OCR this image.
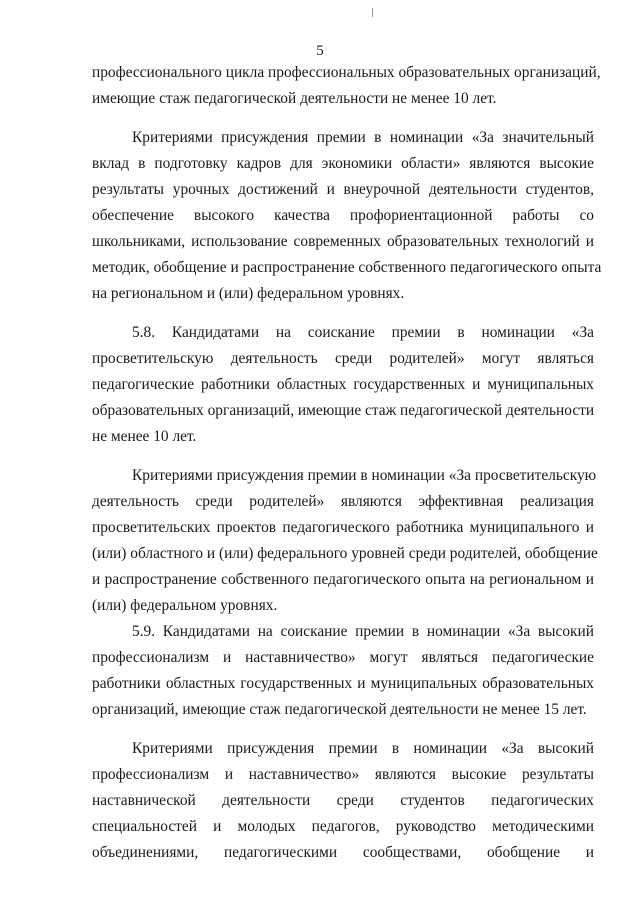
5
профессионального цикла профессиональных образовательных организаций,
имеющие стаж педагогической деятельности не менее 10 лет.
Критериями присуждения премии в номинации «За значительный
вклад в подготовку кадров для экономики области» являются высокие
результаты урочных достижений и внеурочной деятельности студентов,
обеспечение высокого качества профориентационной работы со
школьниками, использование современных образовательных технологий и
методик, обобщение и распространение собственного педагогического опыта
на региональном и (или) федеральном уровнях.
5.8. Кандидатами на соискание премии в номинации «За
просветительскую деятельность среди родителей» могут являться
педагогические работники областных государственных и муниципальных
образовательных организаций, имеющие стаж педагогической деятельности
не менее 10 лет.
Критериями присуждения премии в номинации «За просветительскую
деятельность среди родителей» являются эффективная реализация
просветительских проектов педагогического работника муниципального и
(или) областного и (или) федерального уровней среди родителей, обобщение
и распространение собственного педагогического опыта на региональном и
(или) федеральном уровнях.
5.9. Кандидатами на соискание премии в номинации «За высокий
профессионализм и наставничество» могут являться педагогические
работники областных государственных и муниципальных образовательных
организаций, имеющие стаж педагогической деятельности не менее 15 лет.
Критериями присуждения премии в номинации «За высокий
профессионализм и наставничество» являются высокие результаты
наставнической деятельности среди студентов педагогических
специальностей и молодых педагогов, руководство методическими
объединениями, педагогическими сообществами, обобщение и
